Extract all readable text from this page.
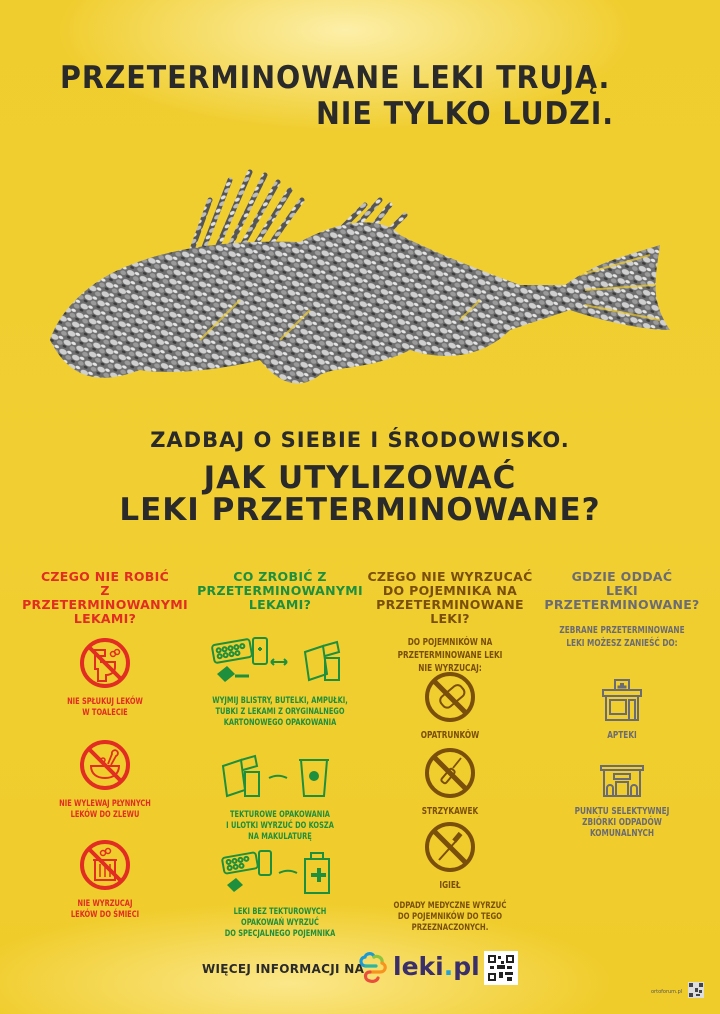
PRZETERMINOWANE LEKI TRUJĄ.
NIE TYLKO LUDZI.
ZADBAJ O SIEBIE I ŚRODOWISKO.
JAK UTYLIZOWAĆ
LEKI PRZETERMINOWANE?
CZEGO NIE ROBIĆ
Z PRZETERMINOWANYMI
LEKAMI?
NIE SPŁUKUJ LEKÓW
W TOALECIE
NIE WYLEWAJ PŁYNNYCH
LEKÓW DO ZLEWU
NIE WYRZUCAJ
LEKÓW DO ŚMIECI
CO ZROBIĆ Z
PRZETERMINOWANYMI
LEKAMI?
WYJMIJ BLISTRY, BUTELKI, AMPUŁKI,
TUBKI Z LEKAMI Z ORYGINALNEGO
KARTONOWEGO OPAKOWANIA
TEKTUROWE OPAKOWANIA
I ULOTKI WYRZUĆ DO KOSZA
NA MAKULATURĘ
LEKI BEZ TEKTUROWYCH
OPAKOWAŃ WYRZUĆ
DO SPECJALNEGO POJEMNIKA
CZEGO NIE WYRZUCAĆ
DO POJEMNIKA NA
PRZETERMINOWANE LEKI?
DO POJEMNIKÓW NA
PRZETERMINOWANE LEKI
NIE WYRZUCAJ:
OPATRUNKÓW
STRZYKAWEK
IGIEŁ
ODPADY MEDYCZNE WYRZUĆ
DO POJEMNIKÓW DO TEGO
PRZEZNACZONYCH.
GDZIE ODDAĆ
LEKI
PRZETERMINOWANE?
ZEBRANE PRZETERMINOWANE
LEKI MOŻESZ ZANIEŚĆ DO:
APTEKI
PUNKTU SELEKTYWNEJ
ZBIÓRKI ODPADÓW
KOMUNALNYCH
WIĘCEJ INFORMACJI NA leki.pl
ortoforum.pl
